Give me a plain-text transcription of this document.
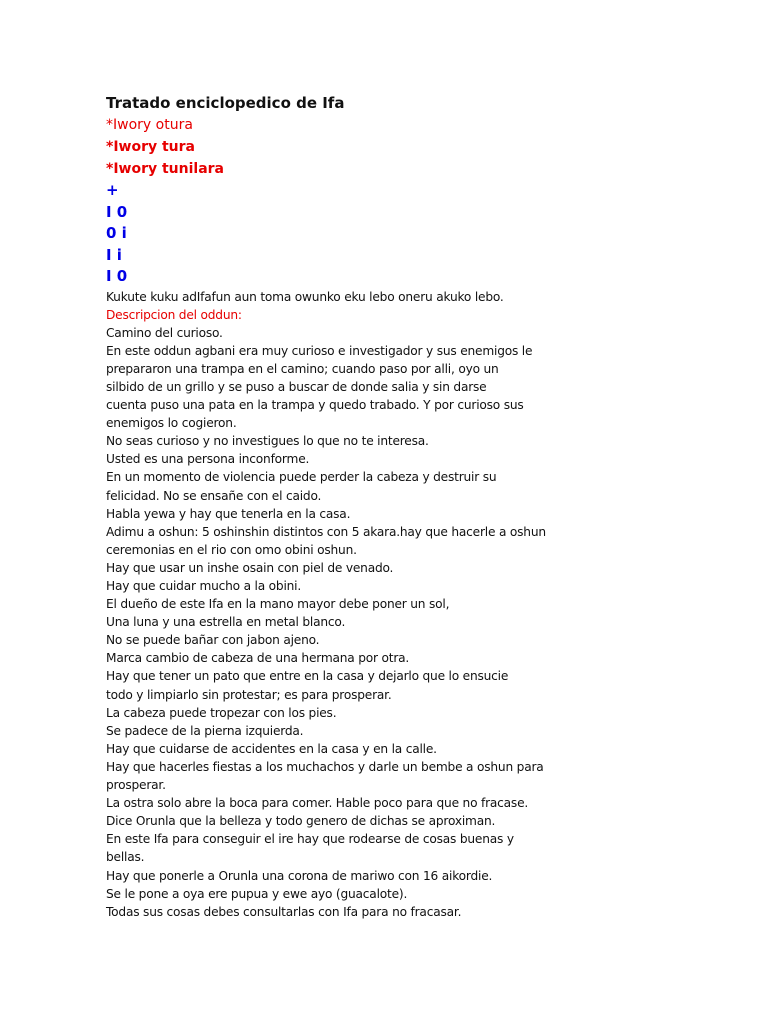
Tratado enciclopedico de Ifa
*Iwory otura
*Iwory tura
*Iwory tunilara
+
I 0
0 i
I i
I 0
Kukute kuku adIfafun aun toma owunko eku lebo oneru akuko lebo.
Descripcion del oddun:
Camino del curioso.
En este oddun agbani era muy curioso e investigador y sus enemigos le
prepararon una trampa en el camino; cuando paso por alli, oyo un
silbido de un grillo y se puso a buscar de donde salia y sin darse
cuenta puso una pata en la trampa y quedo trabado. Y por curioso sus
enemigos lo cogieron.
No seas curioso y no investigues lo que no te interesa.
Usted es una persona inconforme.
En un momento de violencia puede perder la cabeza y destruir su
felicidad. No se ensañe con el caido.
Habla yewa y hay que tenerla en la casa.
Adimu a oshun: 5 oshinshin distintos con 5 akara.hay que hacerle a oshun
ceremonias en el rio con omo obini oshun.
Hay que usar un inshe osain con piel de venado.
Hay que cuidar mucho a la obini.
El dueño de este Ifa en la mano mayor debe poner un sol,
Una luna y una estrella en metal blanco.
No se puede bañar con jabon ajeno.
Marca cambio de cabeza de una hermana por otra.
Hay que tener un pato que entre en la casa y dejarlo que lo ensucie
todo y limpiarlo sin protestar; es para prosperar.
La cabeza puede tropezar con los pies.
Se padece de la pierna izquierda.
Hay que cuidarse de accidentes en la casa y en la calle.
Hay que hacerles fiestas a los muchachos y darle un bembe a oshun para
prosperar.
La ostra solo abre la boca para comer. Hable poco para que no fracase.
Dice Orunla que la belleza y todo genero de dichas se aproximan.
En este Ifa para conseguir el ire hay que rodearse de cosas buenas y
bellas.
Hay que ponerle a Orunla una corona de mariwo con 16 aikordie.
Se le pone a oya ere pupua y ewe ayo (guacalote).
Todas sus cosas debes consultarlas con Ifa para no fracasar.
